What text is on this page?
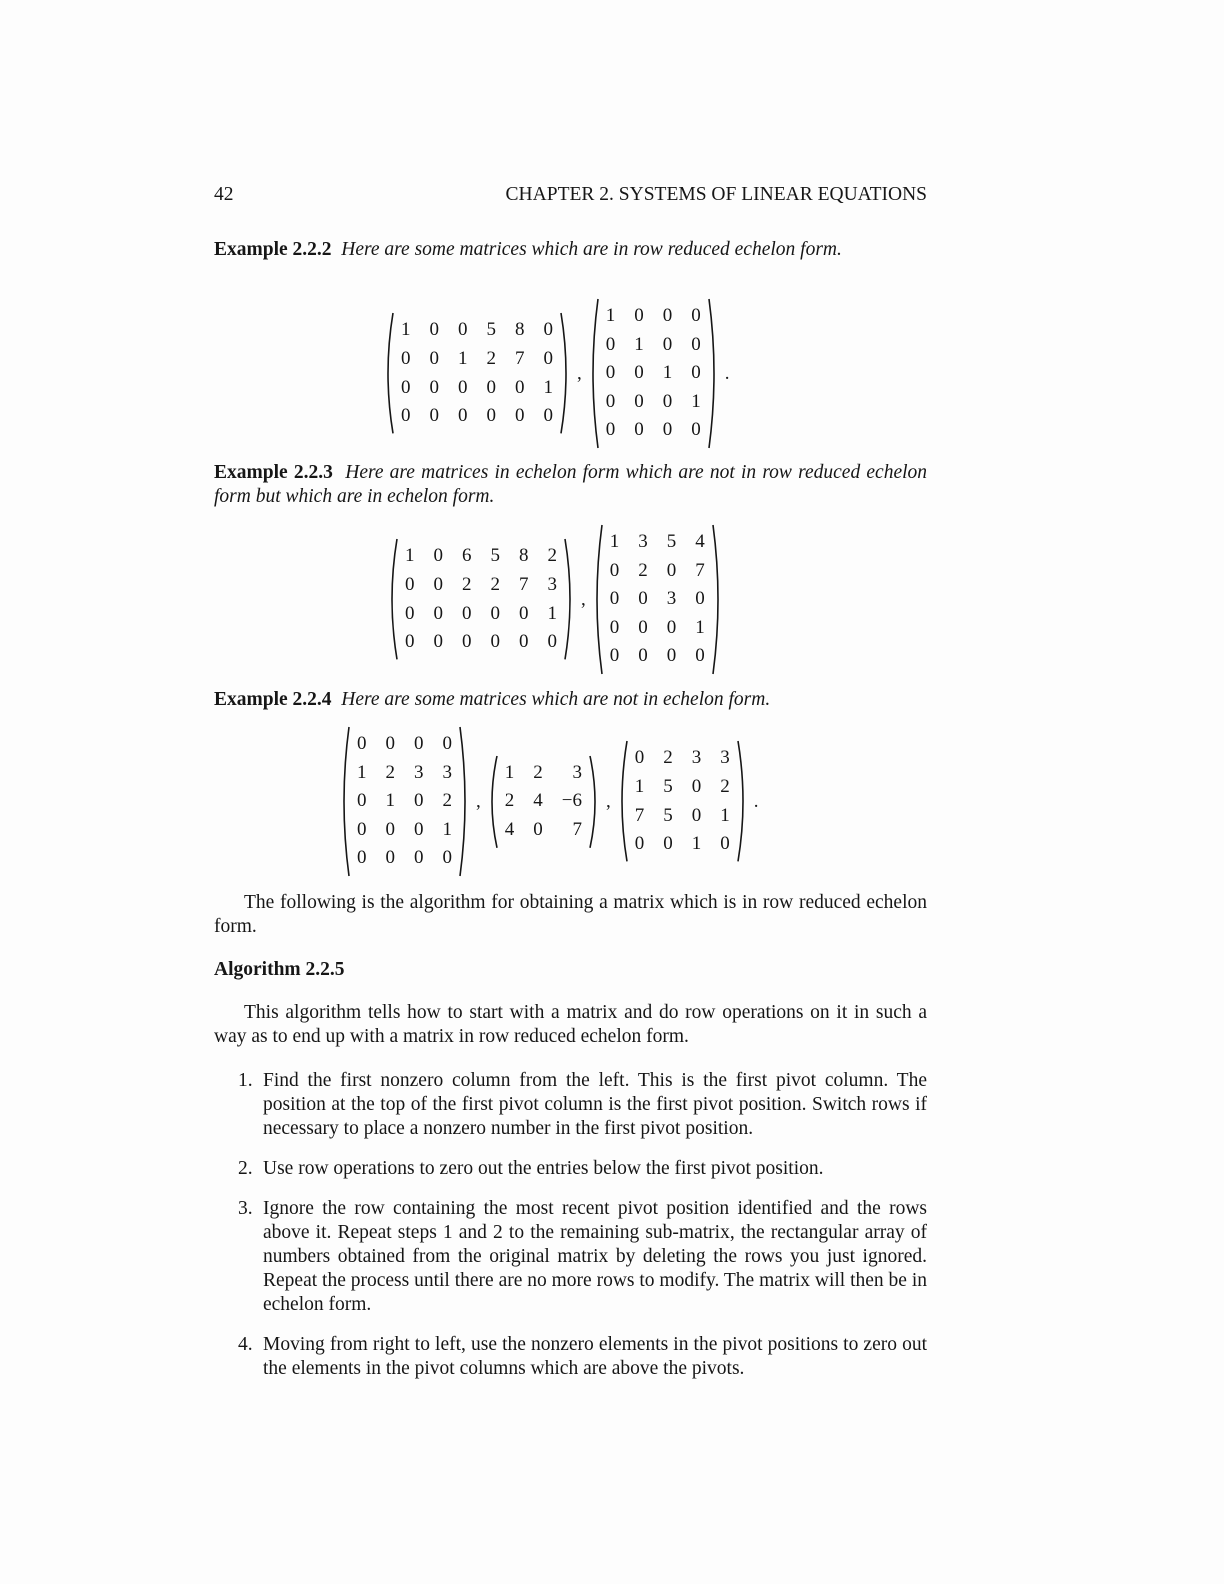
42	CHAPTER 2. SYSTEMS OF LINEAR EQUATIONS
Example 2.2.2 Here are some matrices which are in row reduced echelon form.
1 0 0 5 8 0
0 0 1 2 7 0
0 0 0 0 0 1
0 0 0 0 0 0
,
1 0 0 0
0 1 0 0
0 0 1 0
0 0 0 1
0 0 0 0
.
Example 2.2.3 Here are matrices in echelon form which are not in row reduced echelon form but which are in echelon form.
1 0 6 5 8 2
0 0 2 2 7 3
0 0 0 0 0 1
0 0 0 0 0 0
,
1 3 5 4
0 2 0 7
0 0 3 0
0 0 0 1
0 0 0 0
Example 2.2.4 Here are some matrices which are not in echelon form.
0 0 0 0
1 2 3 3
0 1 0 2
0 0 0 1
0 0 0 0
,
1 2	3
2 4 −6
4 0	7
,
0 2 3 3
1 5 0 2
7 5 0 1
0 0 1 0
.
The following is the algorithm for obtaining a matrix which is in row reduced echelon form.
Algorithm 2.2.5
This algorithm tells how to start with a matrix and do row operations on it in such a way as to end up with a matrix in row reduced echelon form.
1. Find the first nonzero column from the left. This is the first pivot column. The position at the top of the first pivot column is the first pivot position. Switch rows if necessary to place a nonzero number in the first pivot position.
2. Use row operations to zero out the entries below the first pivot position.
3. Ignore the row containing the most recent pivot position identified and the rows above it. Repeat steps 1 and 2 to the remaining sub-matrix, the rectangular array of numbers obtained from the original matrix by deleting the rows you just ignored. Repeat the process until there are no more rows to modify. The matrix will then be in echelon form.
4. Moving from right to left, use the nonzero elements in the pivot positions to zero out the elements in the pivot columns which are above the pivots.
